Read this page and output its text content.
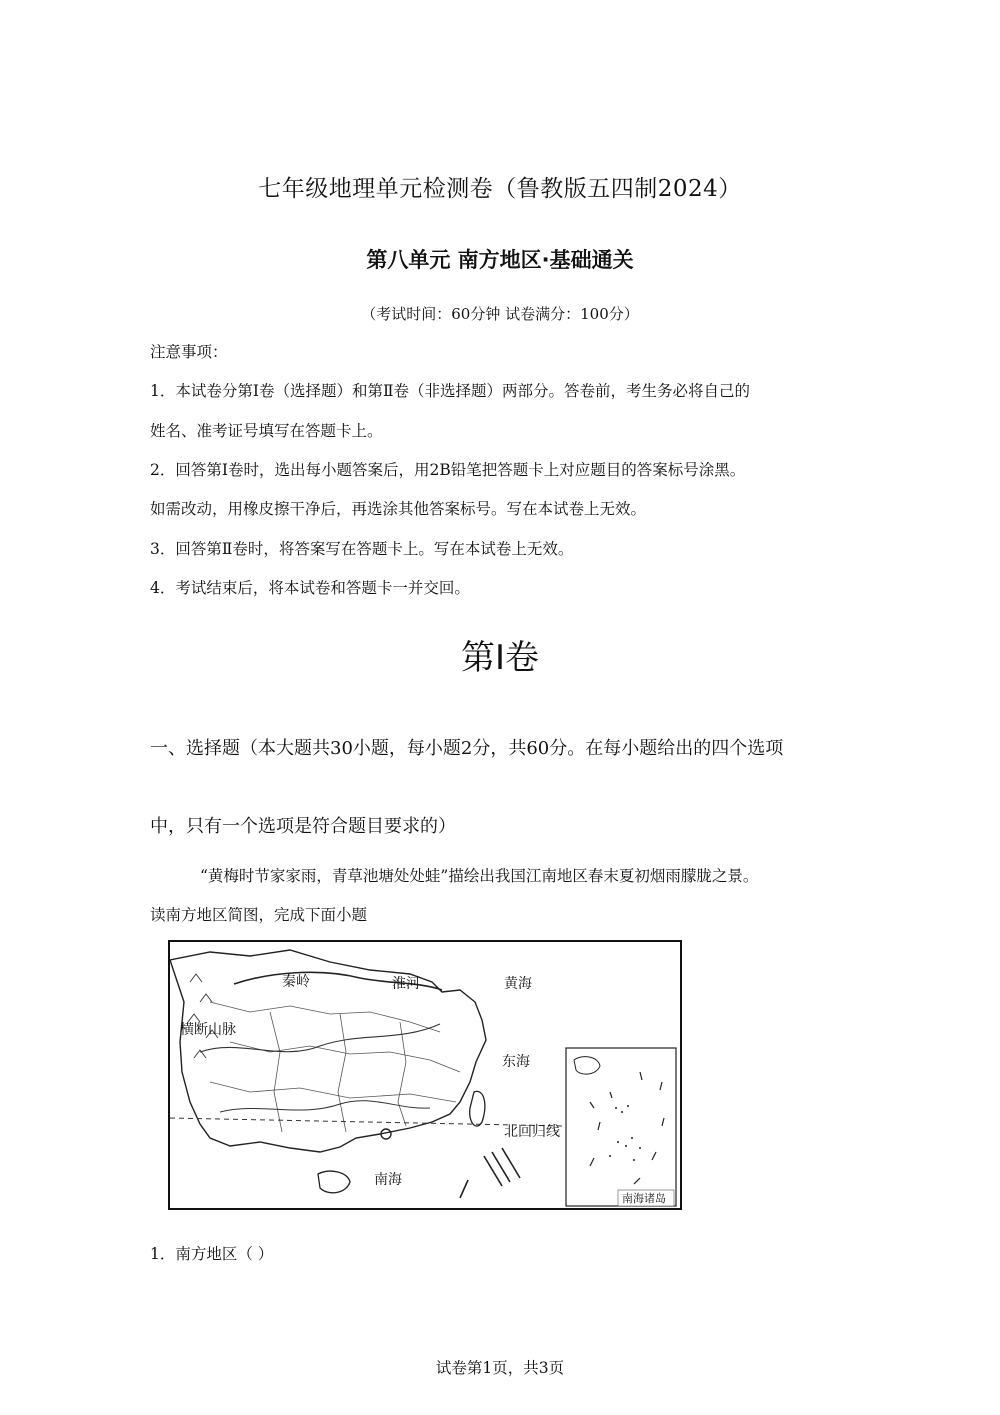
七年级地理单元检测卷（鲁教版五四制2024）
第八单元 南方地区·基础通关
（考试时间：60分钟 试卷满分：100分）
注意事项：
1．本试卷分第Ⅰ卷（选择题）和第Ⅱ卷（非选择题）两部分。答卷前，考生务必将自己的
姓名、准考证号填写在答题卡上。
2．回答第Ⅰ卷时，选出每小题答案后，用2B铅笔把答题卡上对应题目的答案标号涂黑。
如需改动，用橡皮擦干净后，再选涂其他答案标号。写在本试卷上无效。
3．回答第Ⅱ卷时，将答案写在答题卡上。写在本试卷上无效。
4．考试结束后，将本试卷和答题卡一并交回。
第Ⅰ卷
一、选择题（本大题共30小题，每小题2分，共60分。在每小题给出的四个选项
中，只有一个选项是符合题目要求的）
“黄梅时节家家雨，青草池塘处处蛙”描绘出我国江南地区春末夏初烟雨朦胧之景。
读南方地区简图，完成下面小题
秦岭	淮河	黄海
横断山脉
东海
北回归线
南海
南海诸岛
1．南方地区（ ）
试卷第1页，共3页
